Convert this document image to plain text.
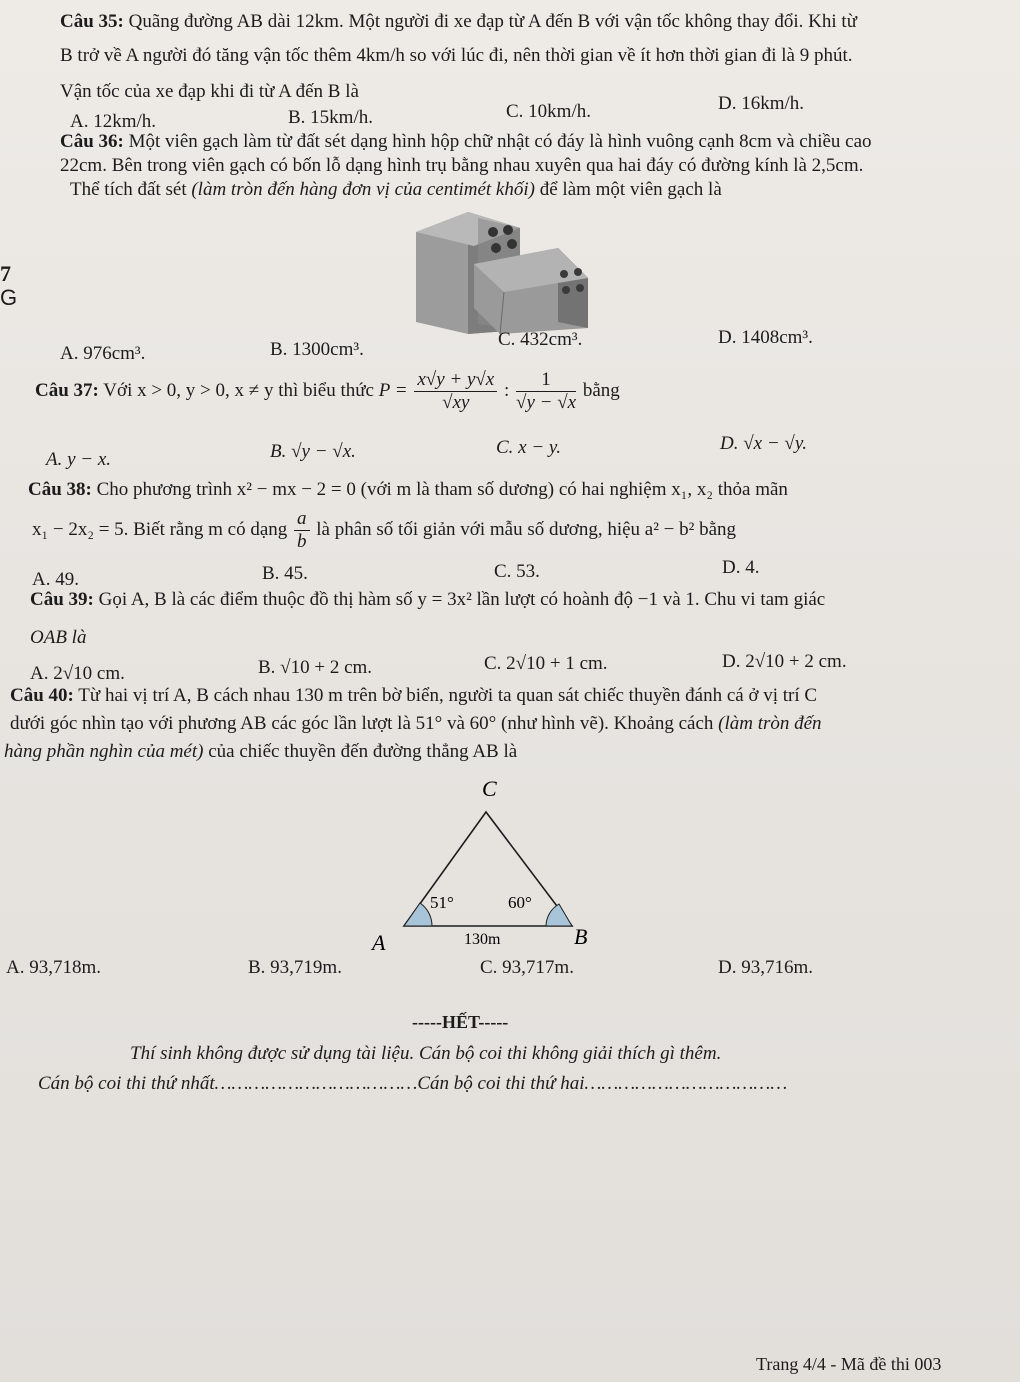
Câu 35: Quãng đường AB dài 12km. Một người đi xe đạp từ A đến B với vận tốc không thay đổi. Khi từ
B trở về A người đó tăng vận tốc thêm 4km/h so với lúc đi, nên thời gian về ít hơn thời gian đi là 9 phút.
Vận tốc của xe đạp khi đi từ A đến B là
A. 12km/h.	B. 15km/h.	C. 10km/h.	D. 16km/h.
Câu 36: Một viên gạch làm từ đất sét dạng hình hộp chữ nhật có đáy là hình vuông cạnh 8cm và chiều cao
22cm. Bên trong viên gạch có bốn lỗ dạng hình trụ bằng nhau xuyên qua hai đáy có đường kính là 2,5cm.
Thể tích đất sét (làm tròn đến hàng đơn vị của centimét khối) để làm một viên gạch là
7
G
A. 976cm³.	B. 1300cm³.	C. 432cm³.	D. 1408cm³.
Câu 37: Với x > 0, y > 0, x ≠ y thì biểu thức $P = \frac{x√y + y√x}{√xy}$ : $\frac{1}{√y - √x}$ bằng
A. y − x.	B. √y − √x.	C. x − y.	D. √x − √y.
Câu 38: Cho phương trình x² − mx − 2 = 0 (với m là tham số dương) có hai nghiệm x₁, x₂ thỏa mãn
x₁ − 2x₂ = 5. Biết rằng m có dạng $\frac{a}{b}$ là phân số tối giản với mẫu số dương, hiệu a² − b² bằng
A. 49.	B. 45.	C. 53.	D. 4.
Câu 39: Gọi A, B là các điểm thuộc đồ thị hàm số y = 3x² lần lượt có hoành độ −1 và 1. Chu vi tam giác
OAB là
A. 2√10 cm.	B. √10 + 2 cm.	C. 2√10 + 1 cm.	D. 2√10 + 2 cm.
Câu 40: Từ hai vị trí A, B cách nhau 130 m trên bờ biển, người ta quan sát chiếc thuyền đánh cá ở vị trí C
dưới góc nhìn tạo với phương AB các góc lần lượt là 51° và 60° (như hình vẽ). Khoảng cách (làm tròn đến
hàng phần nghìn của mét) của chiếc thuyền đến đường thẳng AB là
C
A	B
51°	60°
130m
A. 93,718m.	B. 93,719m.	C. 93,717m.	D. 93,716m.
-----HẾT-----
Thí sinh không được sử dụng tài liệu. Cán bộ coi thi không giải thích gì thêm.
Cán bộ coi thi thứ nhất………………………………Cán bộ coi thi thứ hai………………………………
Trang 4/4 - Mã đề thi 003
